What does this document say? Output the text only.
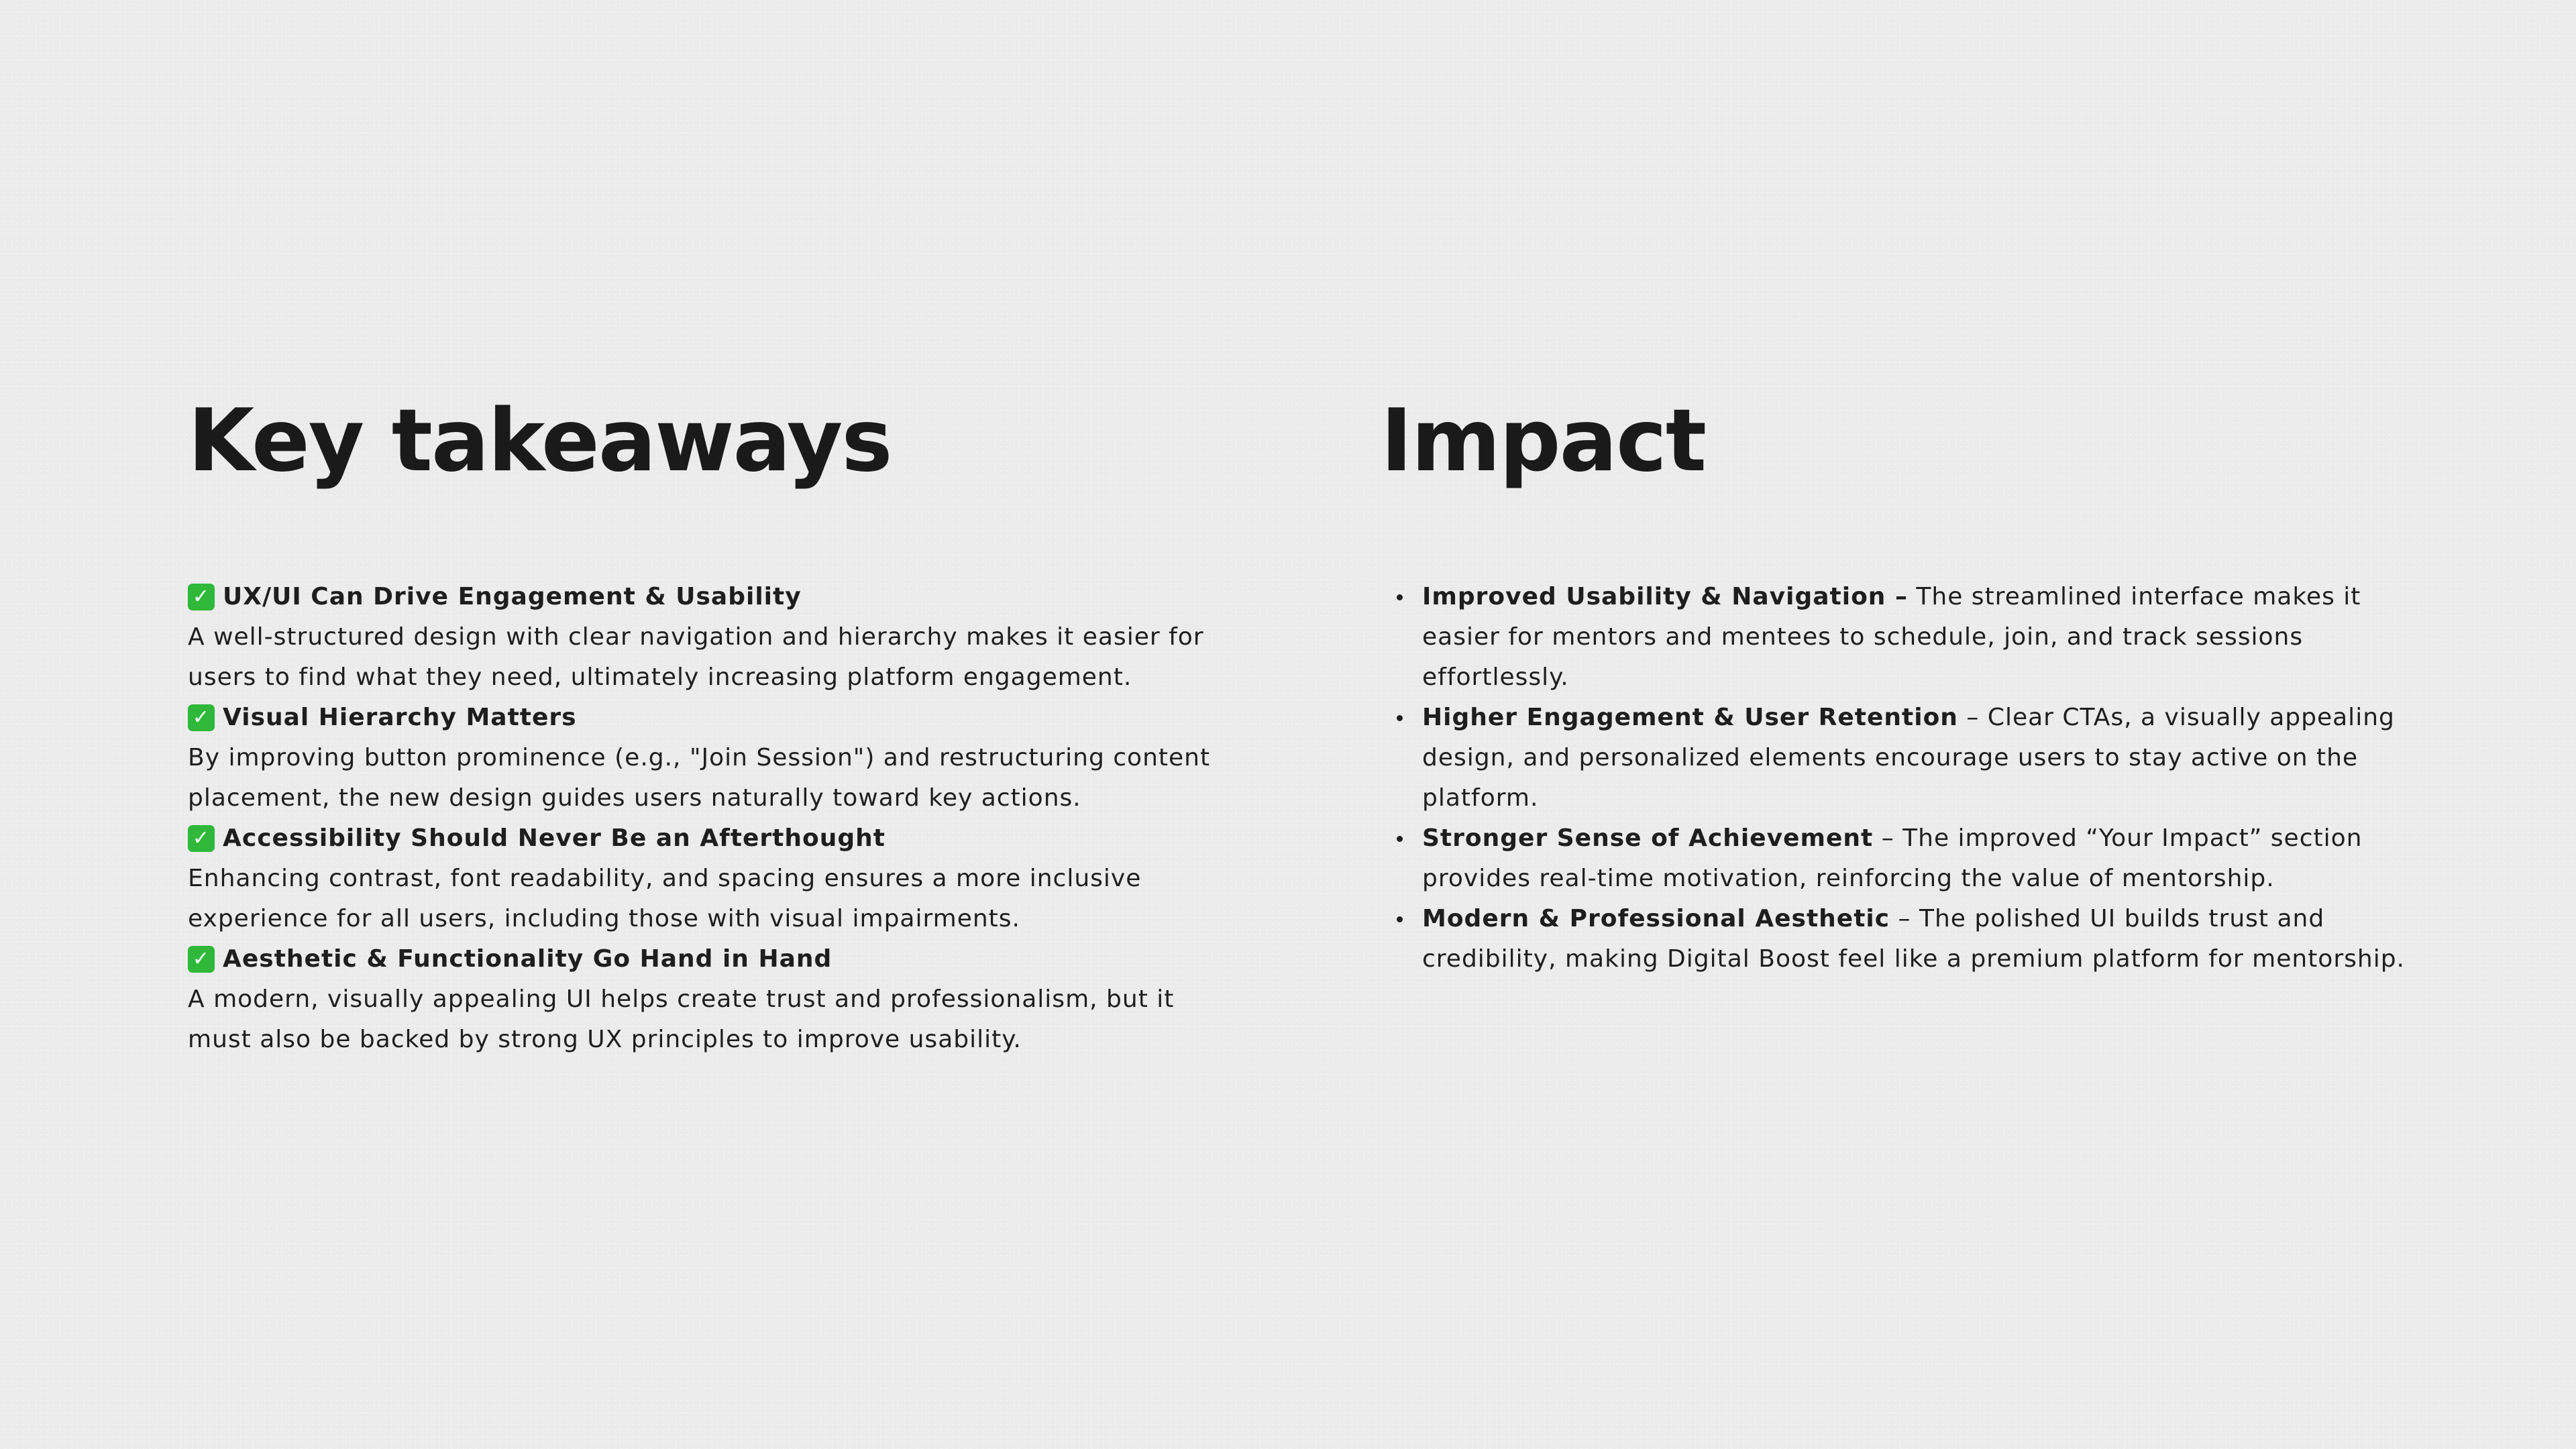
Key takeaways
✓ UX/UI Can Drive Engagement & Usability

A well-structured design with clear navigation and hierarchy makes it easier for users to find what they need, ultimately increasing platform engagement.

✓ Visual Hierarchy Matters

By improving button prominence (e.g., "Join Session") and restructuring content placement, the new design guides users naturally toward key actions.

✓ Accessibility Should Never Be an Afterthought

Enhancing contrast, font readability, and spacing ensures a more inclusive experience for all users, including those with visual impairments.

✓ Aesthetic & Functionality Go Hand in Hand

A modern, visually appealing UI helps create trust and professionalism, but it must also be backed by strong UX principles to improve usability.

Impact
Improved Usability & Navigation – The streamlined interface makes it easier for mentors and mentees to schedule, join, and track sessions effortlessly.
Higher Engagement & User Retention – Clear CTAs, a visually appealing design, and personalized elements encourage users to stay active on the platform.
Stronger Sense of Achievement – The improved “Your Impact” section provides real-time motivation, reinforcing the value of mentorship.
Modern & Professional Aesthetic – The polished UI builds trust and credibility, making Digital Boost feel like a premium platform for mentorship.
